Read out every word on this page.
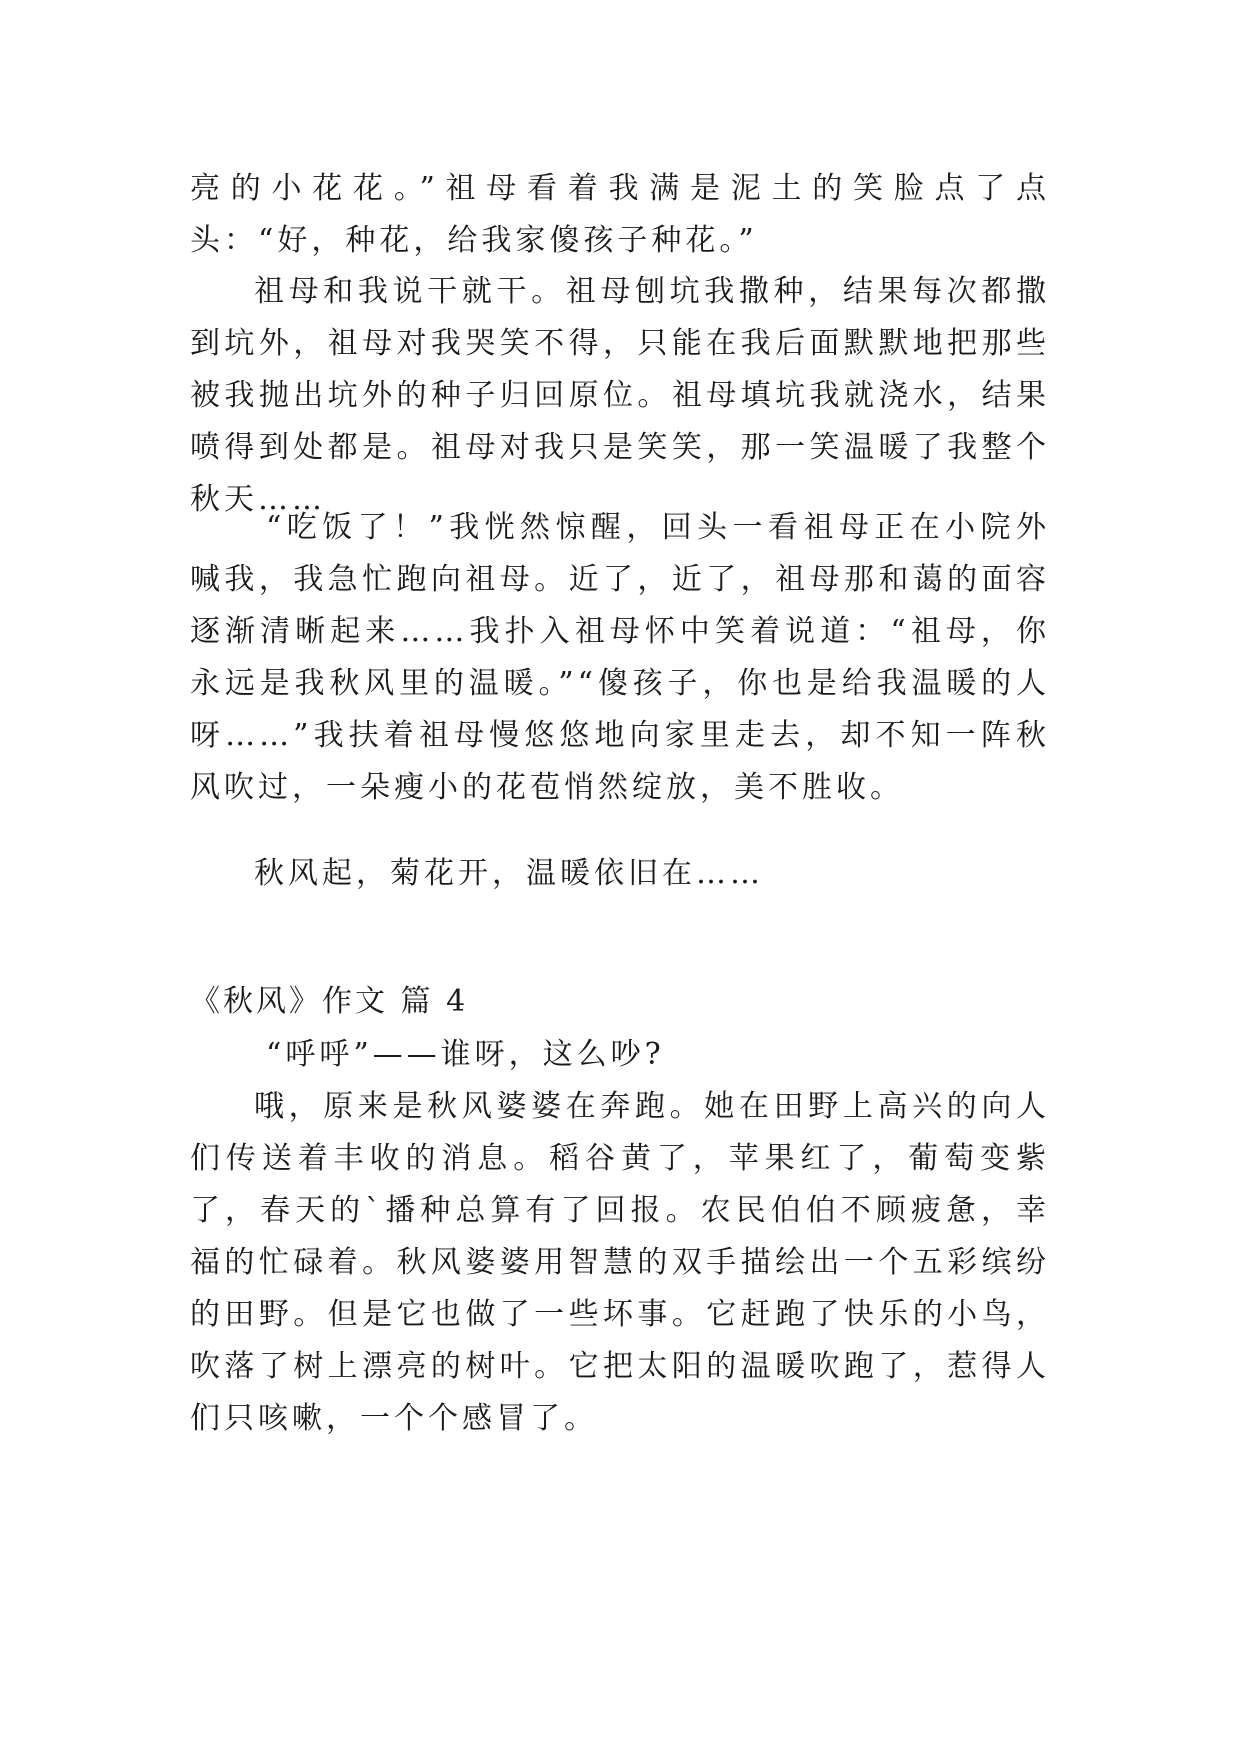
亮的小花花。”祖母看着我满是泥土的笑脸点了点头：“好，种花，给我家傻孩子种花。”
祖母和我说干就干。祖母刨坑我撒种，结果每次都撒到坑外，祖母对我哭笑不得，只能在我后面默默地把那些被我抛出坑外的种子归回原位。祖母填坑我就浇水，结果喷得到处都是。祖母对我只是笑笑，那一笑温暖了我整个秋天……
“吃饭了！”我恍然惊醒，回头一看祖母正在小院外喊我，我急忙跑向祖母。近了，近了，祖母那和蔼的面容逐渐清晰起来……我扑入祖母怀中笑着说道：“祖母，你永远是我秋风里的温暖。”“傻孩子，你也是给我温暖的人呀……”我扶着祖母慢悠悠地向家里走去，却不知一阵秋风吹过，一朵瘦小的花苞悄然绽放，美不胜收。
秋风起，菊花开，温暖依旧在……
《秋风》作文 篇 4
“呼呼”——谁呀，这么吵?
哦，原来是秋风婆婆在奔跑。她在田野上高兴的向人们传送着丰收的消息。稻谷黄了，苹果红了，葡萄变紫了，春天的`播种总算有了回报。农民伯伯不顾疲惫，幸福的忙碌着。秋风婆婆用智慧的双手描绘出一个五彩缤纷的田野。但是它也做了一些坏事。它赶跑了快乐的小鸟，吹落了树上漂亮的树叶。它把太阳的温暖吹跑了，惹得人们只咳嗽，一个个感冒了。
